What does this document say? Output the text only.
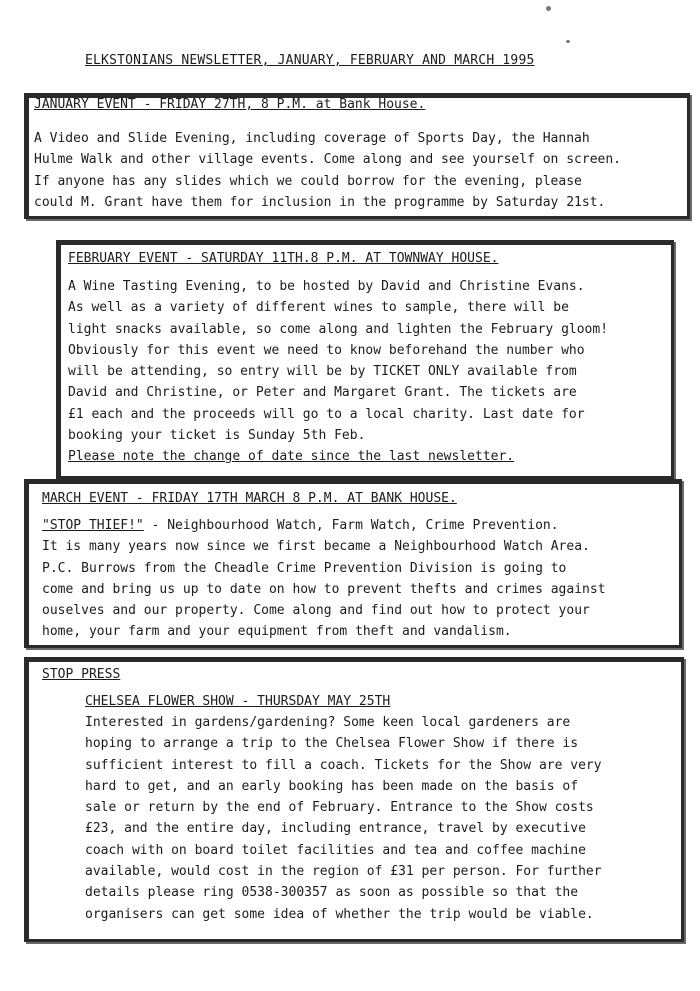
ELKSTONIANS NEWSLETTER, JANUARY, FEBRUARY AND MARCH 1995
JANUARY EVENT - FRIDAY 27TH, 8 P.M. at Bank House.
A Video and Slide Evening, including coverage of Sports Day, the Hannah
Hulme Walk and other village events. Come along and see yourself on screen.
If anyone has any slides which we could borrow for the evening, please
could M. Grant have them for inclusion in the programme by Saturday 21st.
FEBRUARY EVENT - SATURDAY 11TH.8 P.M. AT TOWNWAY HOUSE.
A Wine Tasting Evening, to be hosted by David and Christine Evans.
As well as a variety of different wines to sample, there will be
light snacks available, so come along and lighten the February gloom!
Obviously for this event we need to know beforehand the number who
will be attending, so entry will be by TICKET ONLY available from
David and Christine, or Peter and Margaret Grant. The tickets are
£1 each and the proceeds will go to a local charity. Last date for
booking your ticket is Sunday 5th Feb.
Please note the change of date since the last newsletter.
MARCH EVENT - FRIDAY 17TH MARCH 8 P.M. AT BANK HOUSE.
"STOP THIEF!" - Neighbourhood Watch, Farm Watch, Crime Prevention.
It is many years now since we first became a Neighbourhood Watch Area.
P.C. Burrows from the Cheadle Crime Prevention Division is going to
come and bring us up to date on how to prevent thefts and crimes against
ouselves and our property. Come along and find out how to protect your
home, your farm and your equipment from theft and vandalism.
STOP PRESS
CHELSEA FLOWER SHOW - THURSDAY MAY 25TH
Interested in gardens/gardening? Some keen local gardeners are
hoping to arrange a trip to the Chelsea Flower Show if there is
sufficient interest to fill a coach. Tickets for the Show are very
hard to get, and an early booking has been made on the basis of
sale or return by the end of February. Entrance to the Show costs
£23, and the entire day, including entrance, travel by executive
coach with on board toilet facilities and tea and coffee machine
available, would cost in the region of £31 per person. For further
details please ring 0538-300357 as soon as possible so that the
organisers can get some idea of whether the trip would be viable.
